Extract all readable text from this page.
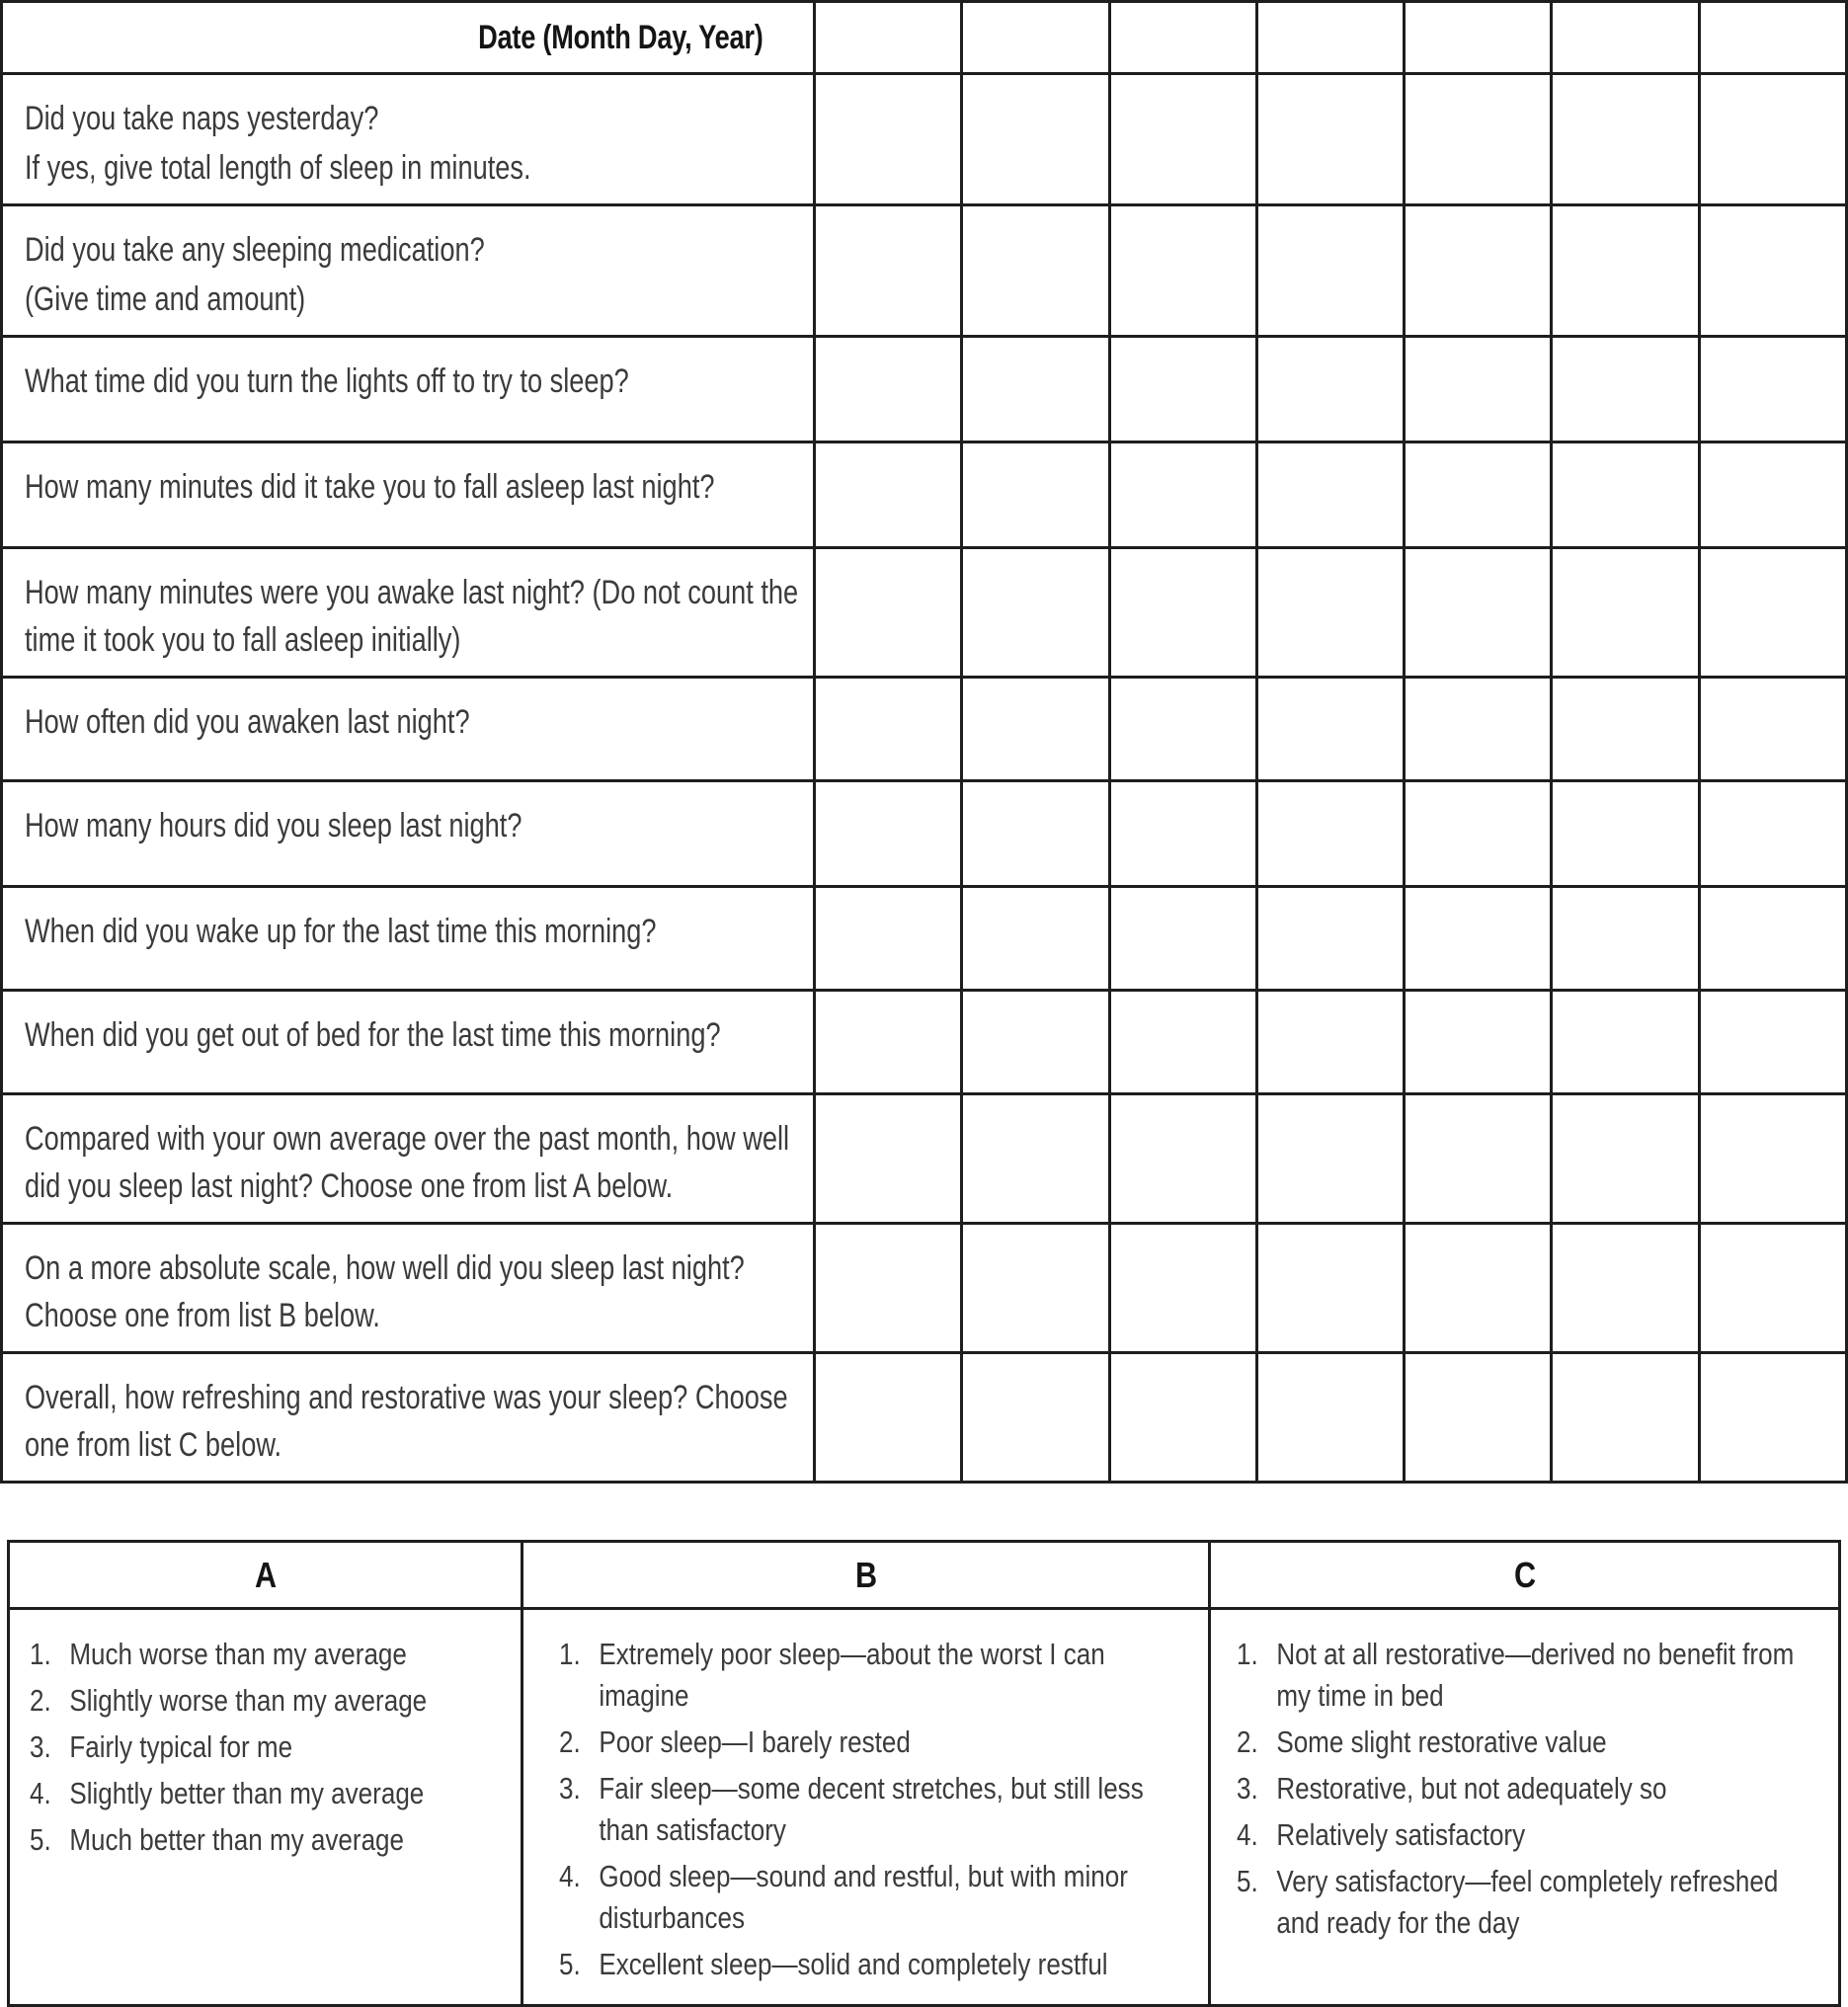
Date (Month Day, Year)
Did you take naps yesterday?
If yes, give total length of sleep in minutes.
Did you take any sleeping medication?
(Give time and amount)
What time did you turn the lights off to try to sleep?
How many minutes did it take you to fall asleep last night?
How many minutes were you awake last night? (Do not count the time it took you to fall asleep initially)
How often did you awaken last night?
How many hours did you sleep last night?
When did you wake up for the last time this morning?
When did you get out of bed for the last time this morning?
Compared with your own average over the past month, how well did you sleep last night? Choose one from list A below.
On a more absolute scale, how well did you sleep last night? Choose one from list B below.
Overall, how refreshing and restorative was your sleep? Choose one from list C below.
A	B	C
1. Much worse than my average
2. Slightly worse than my average
3. Fairly typical for me
4. Slightly better than my average
5. Much better than my average
1. Extremely poor sleep—about the worst I can imagine
2. Poor sleep—I barely rested
3. Fair sleep—some decent stretches, but still less than satisfactory
4. Good sleep—sound and restful, but with minor disturbances
5. Excellent sleep—solid and completely restful
1. Not at all restorative—derived no benefit from my time in bed
2. Some slight restorative value
3. Restorative, but not adequately so
4. Relatively satisfactory
5. Very satisfactory—feel completely refreshed and ready for the day
